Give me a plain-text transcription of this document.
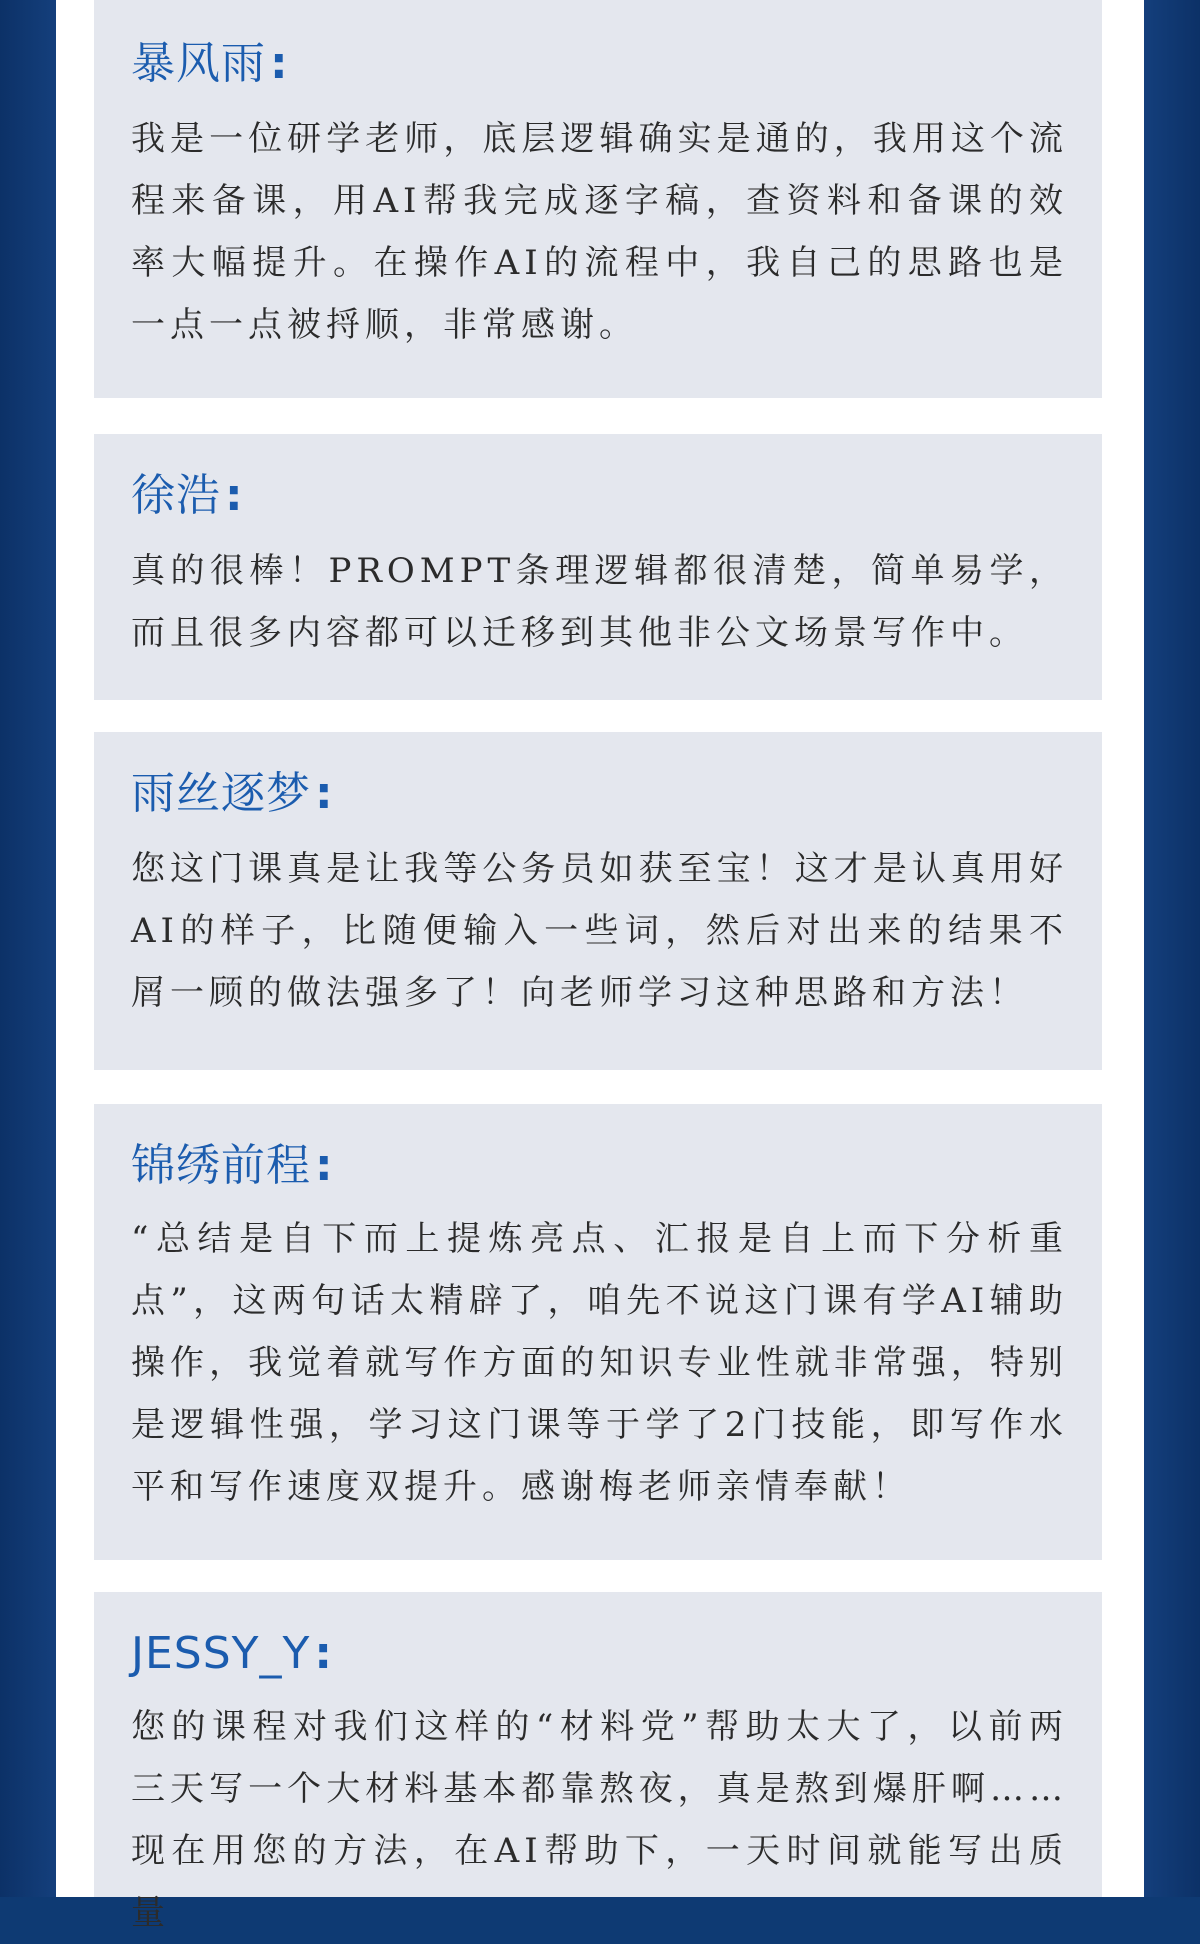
暴风雨:

我是一位研学老师，底层逻辑确实是通的，我用这个流程来备课，用AI帮我完成逐字稿，查资料和备课的效率大幅提升。在操作AI的流程中，我自己的思路也是一点一点被捋顺，非常感谢。

徐浩:

真的很棒！PROMPT条理逻辑都很清楚，简单易学，而且很多内容都可以迁移到其他非公文场景写作中。

雨丝逐梦:

您这门课真是让我等公务员如获至宝！这才是认真用好AI的样子，比随便输入一些词，然后对出来的结果不屑一顾的做法强多了！向老师学习这种思路和方法！

锦绣前程:

“总结是自下而上提炼亮点、汇报是自上而下分析重点”，这两句话太精辟了，咱先不说这门课有学AI辅助操作，我觉着就写作方面的知识专业性就非常强，特别是逻辑性强，学习这门课等于学了2门技能，即写作水平和写作速度双提升。感谢梅老师亲情奉献！

JESSY_Y:

您的课程对我们这样的“材料党”帮助太大了，以前两三天写一个大材料基本都靠熬夜，真是熬到爆肝啊……现在用您的方法，在AI帮助下，一天时间就能写出质量
